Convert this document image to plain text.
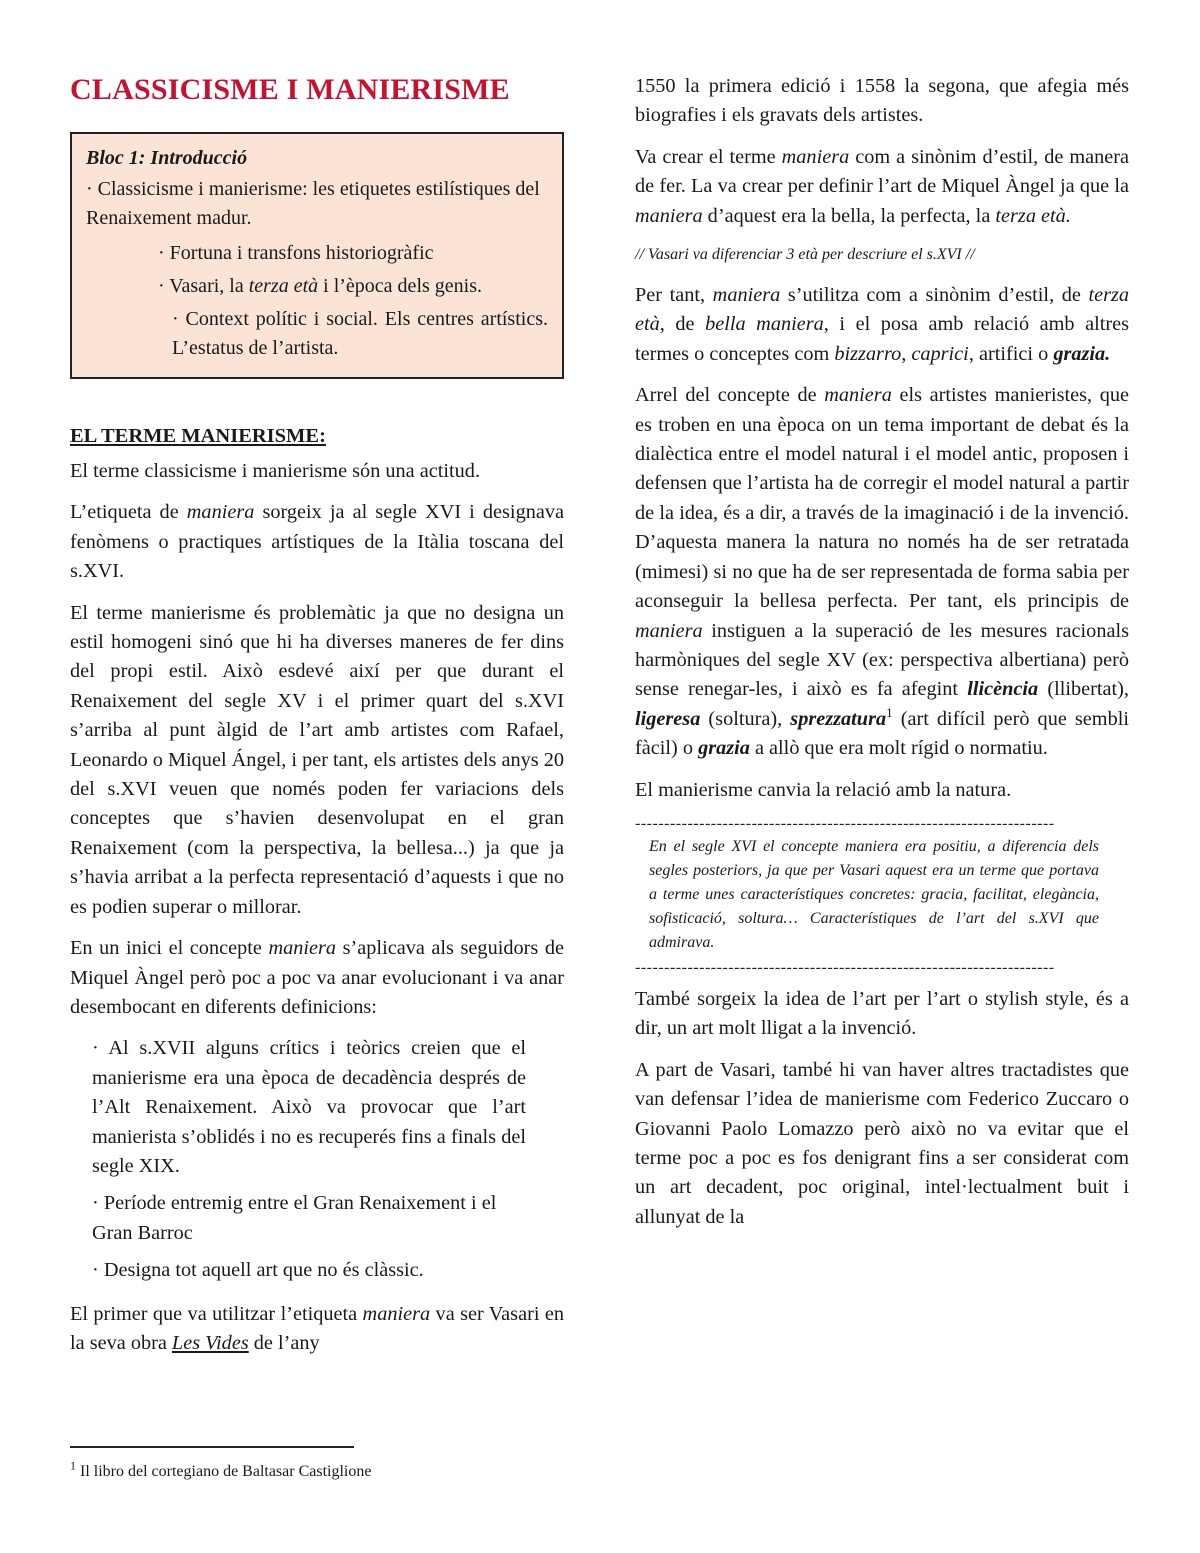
CLASSICISME I MANIERISME
Bloc 1: Introducció

· Classicisme i manierisme: les etiquetes estilístiques del Renaixement madur.

· Fortuna i transfons historiogràfic

· Vasari, la terza età i l’època dels genis.

· Context polític i social. Els centres artístics. L’estatus de l’artista.

EL TERME MANIERISME:

El terme classicisme i manierisme són una actitud.

L’etiqueta de maniera sorgeix ja al segle XVI i designava fenòmens o practiques artístiques de la Itàlia toscana del s.XVI.

El terme manierisme és problemàtic ja que no designa un estil homogeni sinó que hi ha diverses maneres de fer dins del propi estil. Això esdevé així per que durant el Renaixement del segle XV i el primer quart del s.XVI s’arriba al punt àlgid de l’art amb artistes com Rafael, Leonardo o Miquel Ángel, i per tant, els artistes dels anys 20 del s.XVI veuen que només poden fer variacions dels conceptes que s’havien desenvolupat en el gran Renaixement (com la perspectiva, la bellesa...) ja que ja s’havia arribat a la perfecta representació d’aquests i que no es podien superar o millorar.

En un inici el concepte maniera s’aplicava als seguidors de Miquel Àngel però poc a poc va anar evolucionant i va anar desembocant en diferents definicions:

· Al s.XVII alguns crítics i teòrics creien que el manierisme era una època de decadència després de l’Alt Renaixement. Això va provocar que l’art manierista s’oblidés i no es recuperés fins a finals del segle XIX.

· Període entremig entre el Gran Renaixement i el Gran Barroc

· Designa tot aquell art que no és clàssic.

El primer que va utilitzar l’etiqueta maniera va ser Vasari en la seva obra Les Vides de l’any

1550 la primera edició i 1558 la segona, que afegia més biografies i els gravats dels artistes.

Va crear el terme maniera com a sinònim d’estil, de manera de fer. La va crear per definir l’art de Miquel Àngel ja que la maniera d’aquest era la bella, la perfecta, la terza età.

// Vasari va diferenciar 3 età per descriure el s.XVI //

Per tant, maniera s’utilitza com a sinònim d’estil, de terza età, de bella maniera, i el posa amb relació amb altres termes o conceptes com bizzarro, caprici, artifici o grazia.

Arrel del concepte de maniera els artistes manieristes, que es troben en una època on un tema important de debat és la dialèctica entre el model natural i el model antic, proposen i defensen que l’artista ha de corregir el model natural a partir de la idea, és a dir, a través de la imaginació i de la invenció. D’aquesta manera la natura no només ha de ser retratada (mimesi) si no que ha de ser representada de forma sabia per aconseguir la bellesa perfecta. Per tant, els principis de maniera instiguen a la superació de les mesures racionals harmòniques del segle XV (ex: perspectiva albertiana) però sense renegar-les, i això es fa afegint llicència (llibertat), ligeresa (soltura), sprezzatura$^1$ (art difícil però que sembli fàcil) o grazia a allò que era molt rígid o normatiu.

El manierisme canvia la relació amb la natura.

------------------------------------------------------------------------

En el segle XVI el concepte maniera era positiu, a diferencia dels segles posteriors, ja que per Vasari aquest era un terme que portava a terme unes característiques concretes: gracia, facilitat, elegància, sofisticació, soltura… Característiques de l’art del s.XVI que admirava.

------------------------------------------------------------------------

També sorgeix la idea de l’art per l’art o stylish style, és a dir, un art molt lligat a la invenció.

A part de Vasari, també hi van haver altres tractadistes que van defensar l’idea de manierisme com Federico Zuccaro o Giovanni Paolo Lomazzo però això no va evitar que el terme poc a poc es fos denigrant fins a ser considerat com un art decadent, poc original, intel·lectualment buit i allunyat de la

$^1$ Il libro del cortegiano de Baltasar Castiglione
